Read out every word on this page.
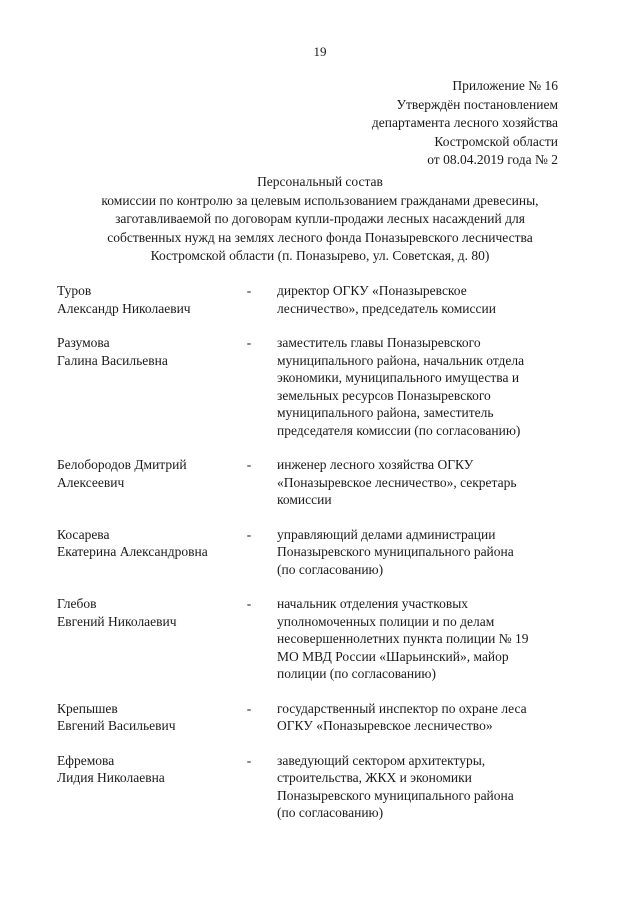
19
Приложение № 16
Утверждён постановлением
департамента лесного хозяйства
Костромской области
от 08.04.2019 года № 2
Персональный состав
комиссии по контролю за целевым использованием гражданами древесины,
заготавливаемой по договорам купли-продажи лесных насаждений для
собственных нужд на землях лесного фонда Поназыревского лесничества
Костромской области (п. Поназырево, ул. Советская, д. 80)
Туров
Александр Николаевич
-	директор ОГКУ «Поназыревское
лесничество», председатель комиссии
Разумова
Галина Васильевна
-	заместитель главы Поназыревского
муниципального района, начальник отдела
экономики, муниципального имущества и
земельных ресурсов Поназыревского
муниципального района, заместитель
председателя комиссии (по согласованию)
Белобородов Дмитрий
Алексеевич
-	инженер лесного хозяйства ОГКУ
«Поназыревское лесничество», секретарь
комиссии
Косарева
Екатерина Александровна
-	управляющий делами администрации
Поназыревского муниципального района
(по согласованию)
Глебов
Евгений Николаевич
-	начальник отделения участковых
уполномоченных полиции и по делам
несовершеннолетних пункта полиции № 19
МО МВД России «Шарьинский», майор
полиции (по согласованию)
Крепышев
Евгений Васильевич
-	государственный инспектор по охране леса
ОГКУ «Поназыревское лесничество»
Ефремова
Лидия Николаевна
-	заведующий сектором архитектуры,
строительства, ЖКХ и экономики
Поназыревского муниципального района
(по согласованию)
